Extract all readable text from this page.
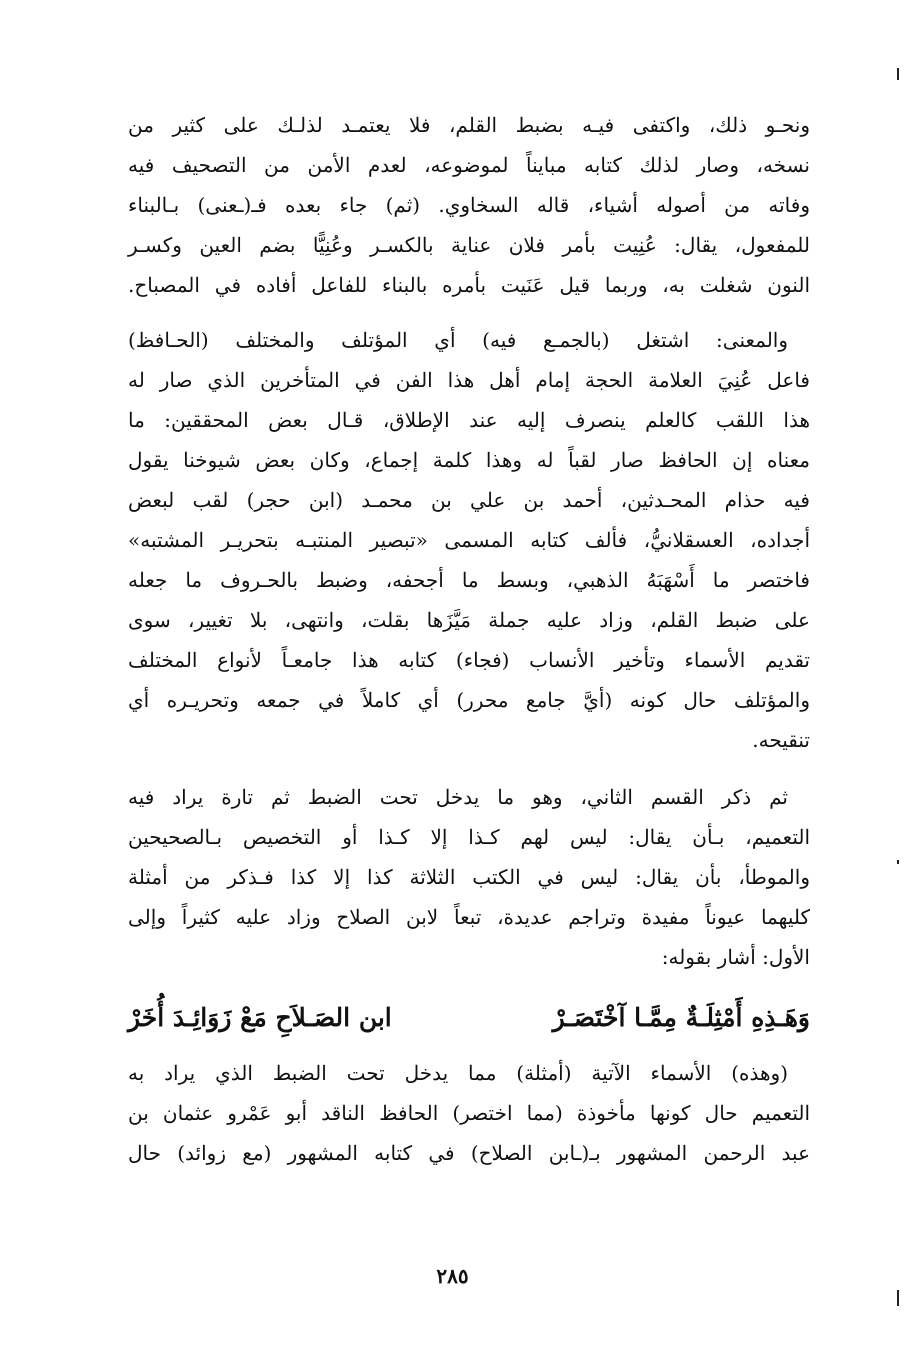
ونحـو ذلك، واكتفى فيـه بضبط القلم، فلا يعتمـد لذلـك على كثير من
نسخه، وصار لذلك كتابه مبايناً لموضوعه، لعدم الأمن من التصحيف فيه
وفاته من أصوله أشياء، قاله السخاوي. (ثم) جاء بعده فـ(ـعنى) بـالبناء
للمفعول، يقال: عُنِيت بأمر فلان عناية بالكسـر وعُنِيًّا بضم العين وكسـر
النون شغلت به، وربما قيل عَنَيت بأمره بالبناء للفاعل أفاده في المصباح.

والمعنى: اشتغل (بالجمـع فيه) أي المؤتلف والمختلف (الحـافظ)
فاعل عُنِيَ العلامة الحجة إمام أهل هذا الفن في المتأخرين الذي صار له
هذا اللقب كالعلم ينصرف إليه عند الإطلاق، قـال بعض المحققين: ما
معناه إن الحافظ صار لقباً له وهذا كلمة إجماع، وكان بعض شيوخنا يقول
فيه حذام المحـدثين، أحمد بن علي بن محمـد (ابن حجر) لقب لبعض
أجداده، العسقلانيُّ، فألف كتابه المسمى «تبصير المنتبـه بتحريـر المشتبه»
فاختصر ما أَسْهَبَهُ الذهبي، وبسط ما أجحفه، وضبط بالحـروف ما جعله
على ضبط القلم، وزاد عليه جملة مَيَّزَها بقلت، وانتهى، بلا تغيير، سوى
تقديم الأسماء وتأخير الأنساب (فجاء) كتابه هذا جامعـاً لأنواع المختلف
والمؤتلف حال كونه (أيَّ جامع محرر) أي كاملاً في جمعه وتحريـره أي
تنقيحه.

ثم ذكر القسم الثاني، وهو ما يدخل تحت الضبط ثم تارة يراد فيه
التعميم، بـأن يقال: ليس لهم كـذا إلا كـذا أو التخصيص بـالصحيحين
والموطأ، بأن يقال: ليس في الكتب الثلاثة كذا إلا كذا فـذكر من أمثلة
كليهما عيوناً مفيدة وتراجم عديدة، تبعاً لابن الصلاح وزاد عليه كثيراً وإلى
الأول: أشار بقوله:

وَهَـذِهِ أَمْثِلَـةٌ مِمَّـا آخْتَصَـرْ
ابن الصَـلاَحِ مَعْ زَوَائِـدَ أُخَرْ

(وهذه) الأسماء الآتية (أمثلة) مما يدخل تحت الضبط الذي يراد به
التعميم حال كونها مأخوذة (مما اختصر) الحافظ الناقد أبو عَمْرو عثمان بن
عبد الرحمن المشهور بـ(ـابن الصلاح) في كتابه المشهور (مع زوائد) حال

٢٨٥
